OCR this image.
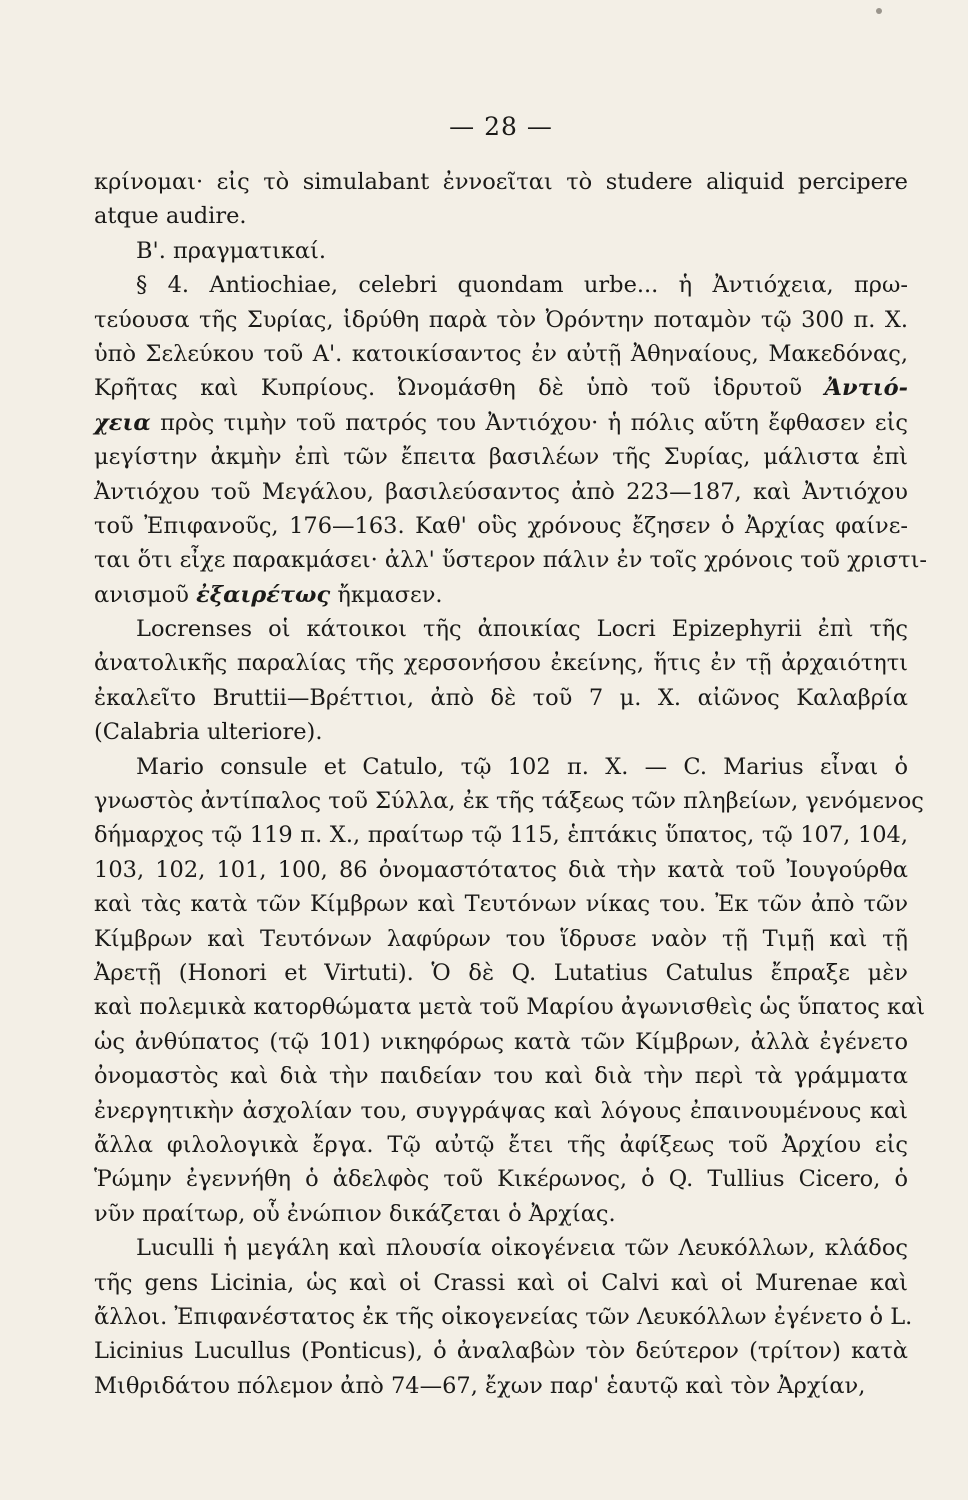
— 28 —
κρίνομαι· εἰς τὸ simulabant ἐννοεῖται τὸ studere aliquid percipere
atque audire.
Β'. πραγματικαί.
§ 4. Antiochiae, celebri quondam urbe... ἡ Ἀντιόχεια, πρω-
τεύουσα τῆς Συρίας, ἱδρύθη παρὰ τὸν Ὀρόντην ποταμὸν τῷ 300 π. Χ.
ὑπὸ Σελεύκου τοῦ Α'. κατοικίσαντος ἐν αὐτῇ Ἀθηναίους, Μακεδόνας,
Κρῆτας καὶ Κυπρίους. Ὠνομάσθη δὲ ὑπὸ τοῦ ἱδρυτοῦ Ἀντιό-
χεια πρὸς τιμὴν τοῦ πατρός του Ἀντιόχου· ἡ πόλις αὕτη ἔφθασεν εἰς
μεγίστην ἀκμὴν ἐπὶ τῶν ἔπειτα βασιλέων τῆς Συρίας, μάλιστα ἐπὶ
Ἀντιόχου τοῦ Μεγάλου, βασιλεύσαντος ἀπὸ 223—187, καὶ Ἀντιόχου
τοῦ Ἐπιφανοῦς, 176—163. Καθ' οὓς χρόνους ἔζησεν ὁ Ἀρχίας φαίνε-
ται ὅτι εἶχε παρακμάσει· ἀλλ' ὕστερον πάλιν ἐν τοῖς χρόνοις τοῦ χριστι-
ανισμοῦ ἐξαιρέτως ἤκμασεν.
Locrenses οἱ κάτοικοι τῆς ἀποικίας Locri Epizephyrii ἐπὶ τῆς
ἀνατολικῆς παραλίας τῆς χερσονήσου ἐκείνης, ἥτις ἐν τῇ ἀρχαιότητι
ἐκαλεῖτο Bruttii—Βρέττιοι, ἀπὸ δὲ τοῦ 7 μ. Χ. αἰῶνος Καλαβρία
(Calabria ulteriore).
Mario consule et Catulo, τῷ 102 π. Χ. — C. Marius εἶναι ὁ
γνωστὸς ἀντίπαλος τοῦ Σύλλα, ἐκ τῆς τάξεως τῶν πληβείων, γενόμενος
δήμαρχος τῷ 119 π. Χ., πραίτωρ τῷ 115, ἑπτάκις ὕπατος, τῷ 107, 104,
103, 102, 101, 100, 86 ὀνομαστότατος διὰ τὴν κατὰ τοῦ Ἰουγούρθα
καὶ τὰς κατὰ τῶν Κίμβρων καὶ Τευτόνων νίκας του. Ἐκ τῶν ἀπὸ τῶν
Κίμβρων καὶ Τευτόνων λαφύρων του ἵδρυσε ναὸν τῇ Τιμῇ καὶ τῇ
Ἀρετῇ (Honori et Virtuti). Ὁ δὲ Q. Lutatius Catulus ἔπραξε μὲν
καὶ πολεμικὰ κατορθώματα μετὰ τοῦ Μαρίου ἀγωνισθεὶς ὡς ὕπατος καὶ
ὡς ἀνθύπατος (τῷ 101) νικηφόρως κατὰ τῶν Κίμβρων, ἀλλὰ ἐγένετο
ὀνομαστὸς καὶ διὰ τὴν παιδείαν του καὶ διὰ τὴν περὶ τὰ γράμματα
ἐνεργητικὴν ἀσχολίαν του, συγγράψας καὶ λόγους ἐπαινουμένους καὶ
ἄλλα φιλολογικὰ ἔργα. Τῷ αὐτῷ ἔτει τῆς ἀφίξεως τοῦ Ἀρχίου εἰς
Ῥώμην ἐγεννήθη ὁ ἀδελφὸς τοῦ Κικέρωνος, ὁ Q. Tullius Cicero, ὁ
νῦν πραίτωρ, οὗ ἐνώπιον δικάζεται ὁ Ἀρχίας.
Luculli ἡ μεγάλη καὶ πλουσία οἰκογένεια τῶν Λευκόλλων, κλάδος
τῆς gens Licinia, ὡς καὶ οἱ Crassi καὶ οἱ Calvi καὶ οἱ Murenae καὶ
ἄλλοι. Ἐπιφανέστατος ἐκ τῆς οἰκογενείας τῶν Λευκόλλων ἐγένετο ὁ L.
Licinius Lucullus (Ponticus), ὁ ἀναλαβὼν τὸν δεύτερον (τρίτον) κατὰ
Μιθριδάτου πόλεμον ἀπὸ 74—67, ἔχων παρ' ἑαυτῷ καὶ τὸν Ἀρχίαν,
